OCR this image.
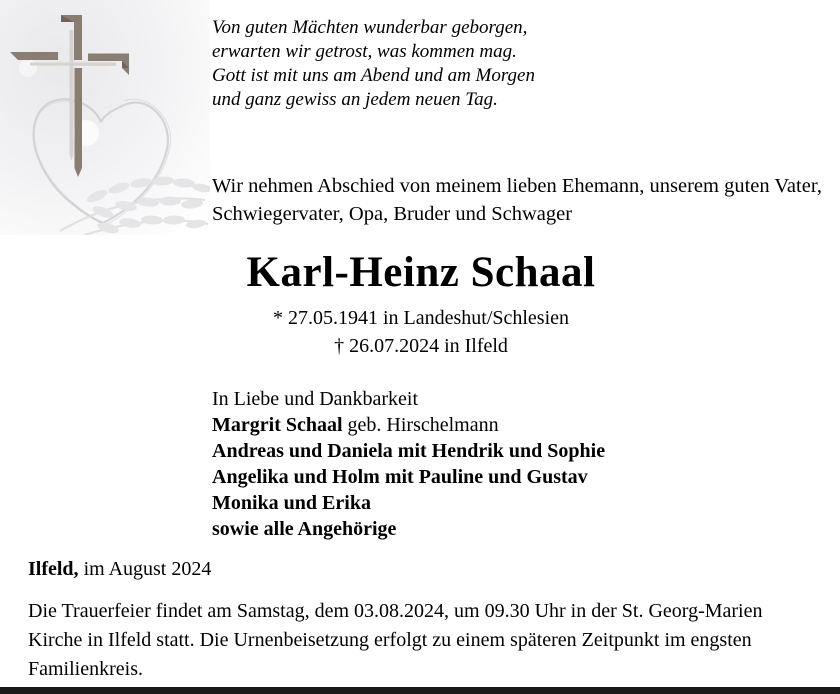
Von guten Mächten wunderbar geborgen,
erwarten wir getrost, was kommen mag.
Gott ist mit uns am Abend und am Morgen
und ganz gewiss an jedem neuen Tag.
Wir nehmen Abschied von meinem lieben Ehemann, unserem guten Vater,
Schwiegervater, Opa, Bruder und Schwager
Karl-Heinz Schaal
* 27.05.1941 in Landeshut/Schlesien
† 26.07.2024 in Ilfeld
In Liebe und Dankbarkeit
Margrit Schaal geb. Hirschelmann
Andreas und Daniela mit Hendrik und Sophie
Angelika und Holm mit Pauline und Gustav
Monika und Erika
sowie alle Angehörige
Ilfeld, im August 2024
Die Trauerfeier findet am Samstag, dem 03.08.2024, um 09.30 Uhr in der St. Georg-Marien
Kirche in Ilfeld statt. Die Urnenbeisetzung erfolgt zu einem späteren Zeitpunkt im engsten
Familienkreis.
